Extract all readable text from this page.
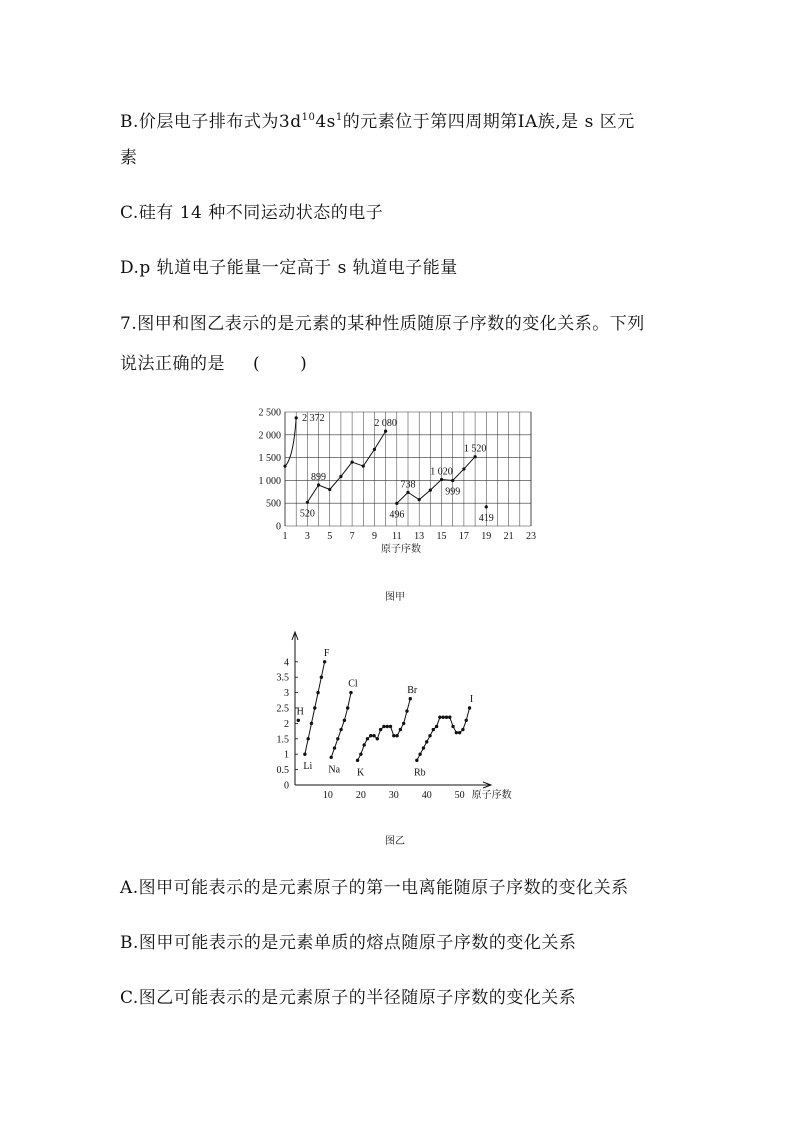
B.价层电子排布式为$3d^{10}4s^1$的元素位于第四周期第ⅠA族,是 s 区元
素
C.硅有 14 种不同运动状态的电子
D.p 轨道电子能量一定高于 s 轨道电子能量
7.图甲和图乙表示的是元素的某种性质随原子序数的变化关系。下列
说法正确的是 ( )
0
500
1 000
1 500
2 000
2 500
1 3 5 7 9 11 13 15 17 19 21 23
原子序数
2 372
520
899
2 080
496
738
1 020
999
1 520
419
图甲
0
0.5
1
1.5
2
2.5
3
3.5
4
10 20 30 40 50 原子序数
H
Li
F
Na
Cl
K
Br
Rb
I
图乙
A.图甲可能表示的是元素原子的第一电离能随原子序数的变化关系
B.图甲可能表示的是元素单质的熔点随原子序数的变化关系
C.图乙可能表示的是元素原子的半径随原子序数的变化关系
